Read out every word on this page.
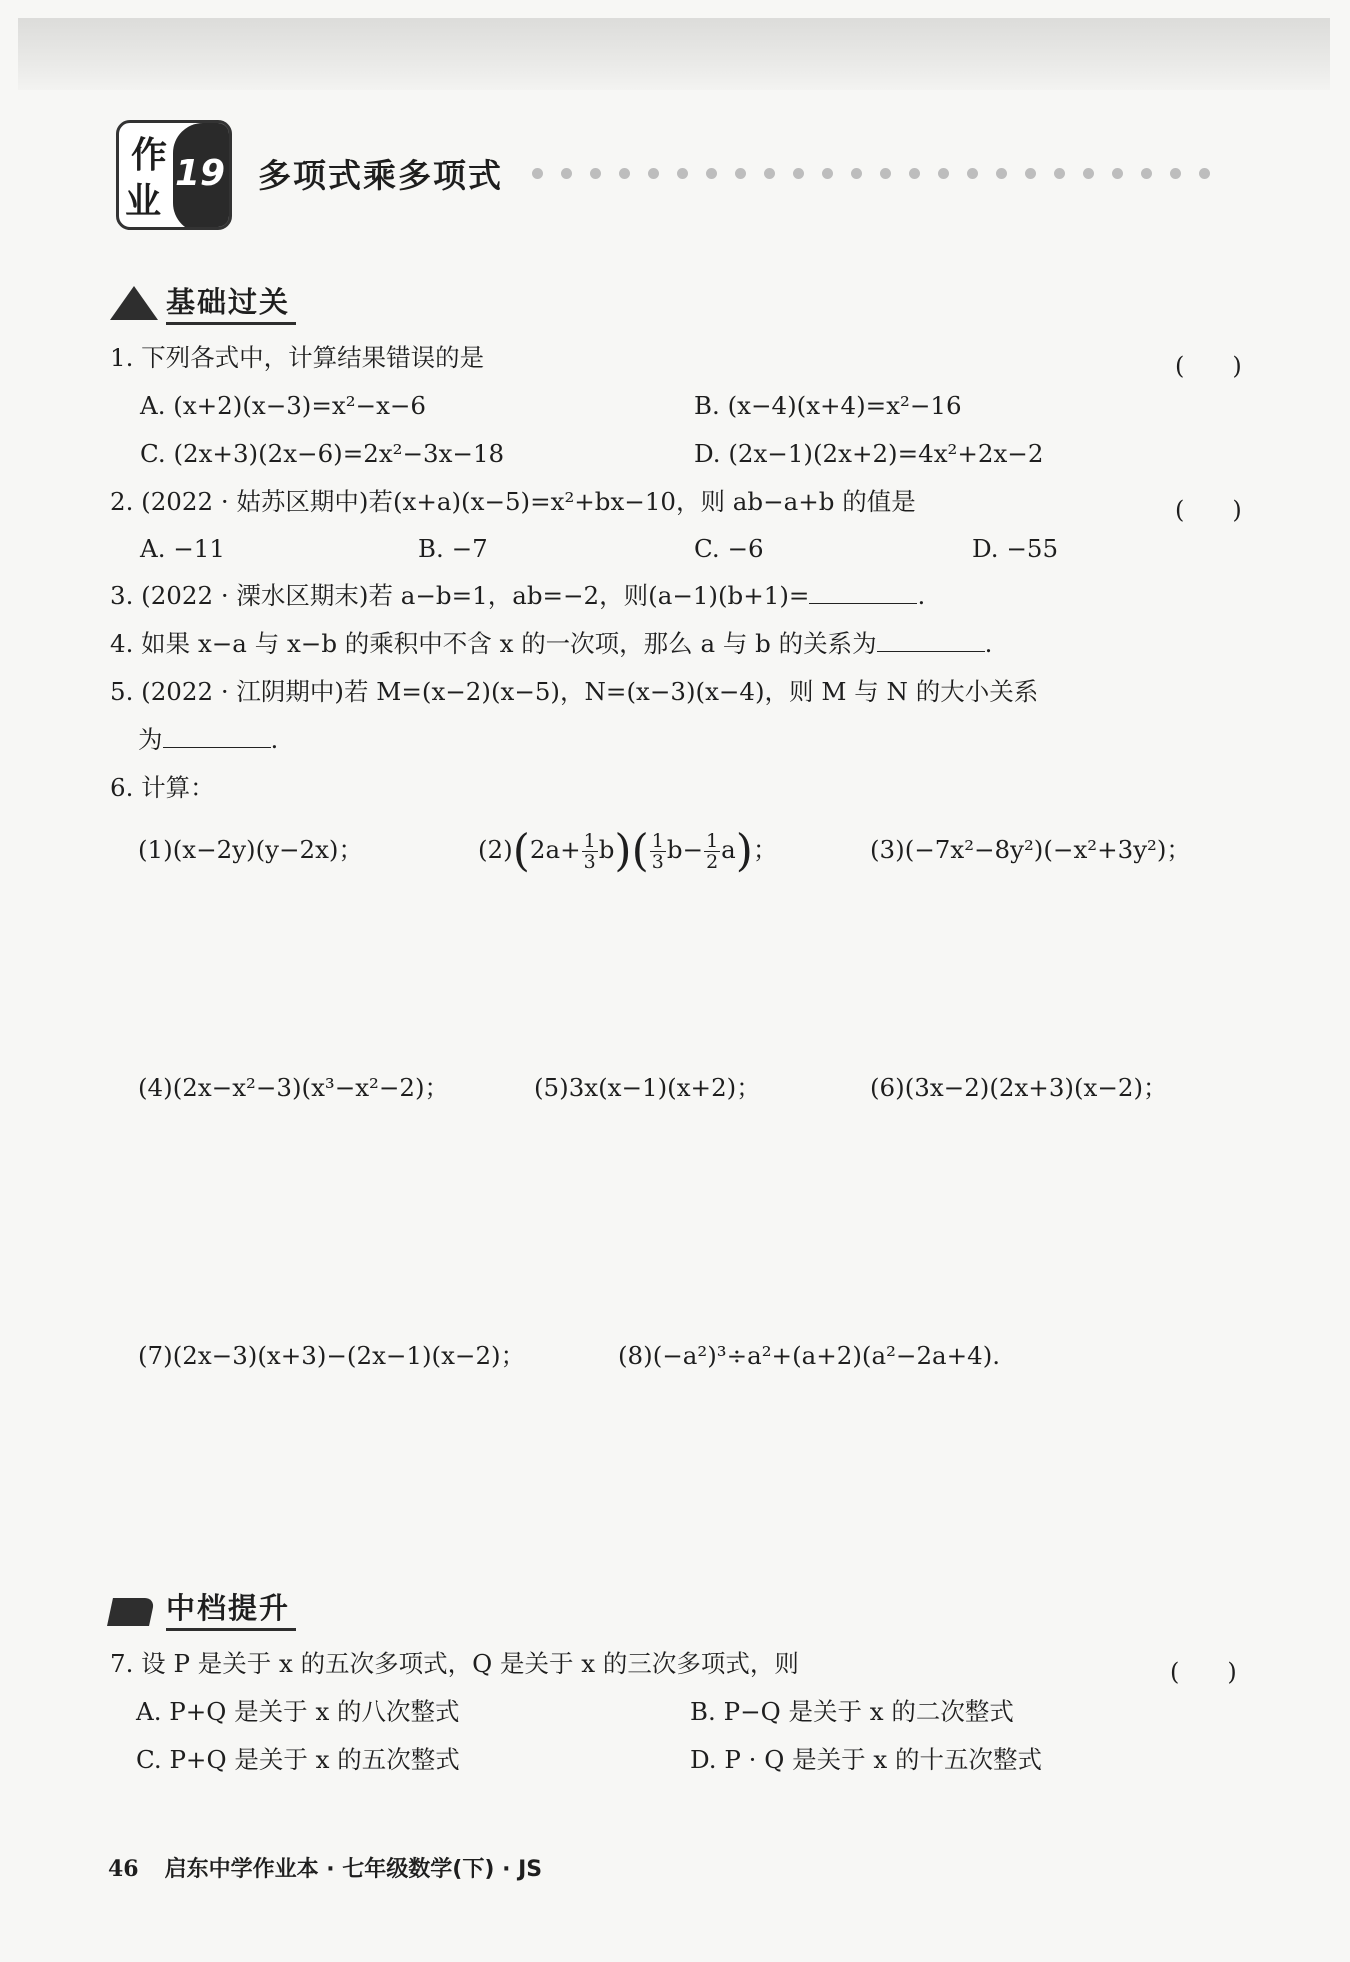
作
业
19 多项式乘多项式
基础过关
1. 下列各式中，计算结果错误的是	(　　)
A. (x+2)(x−3)=x²−x−6	B. (x−4)(x+4)=x²−16
C. (2x+3)(2x−6)=2x²−3x−18	D. (2x−1)(2x+2)=4x²+2x−2
2. (2022 · 姑苏区期中)若(x+a)(x−5)=x²+bx−10，则 ab−a+b 的值是	(　　)
A. −11	B. −7	C. −6	D. −55
3. (2022 · 溧水区期末)若 a−b=1，ab=−2，则(a−1)(b+1)=	.
4. 如果 x−a 与 x−b 的乘积中不含 x 的一次项，那么 a 与 b 的关系为	.
5. (2022 · 江阴期中)若 M=(x−2)(x−5)，N=(x−3)(x−4)，则 M 与 N 的大小关系
为	.
6. 计算：
(1)(x−2y)(y−2x)；	$(2)(2a+ \frac{1}{3} b)( \frac{1}{3} b- \frac{1}{2} a)$；	(3)(−7x²−8y²)(−x²+3y²)；
(4)(2x−x²−3)(x³−x²−2)；	(5)3x(x−1)(x+2)；	(6)(3x−2)(2x+3)(x−2)；
(7)(2x−3)(x+3)−(2x−1)(x−2)；	(8)(−a²)³÷a²+(a+2)(a²−2a+4).
中档提升
7. 设 P 是关于 x 的五次多项式，Q 是关于 x 的三次多项式，则	(　　)
A. P+Q 是关于 x 的八次整式	B. P−Q 是关于 x 的二次整式
C. P+Q 是关于 x 的五次整式	D. P · Q 是关于 x 的十五次整式
46 启东中学作业本 · 七年级数学(下) · JS
